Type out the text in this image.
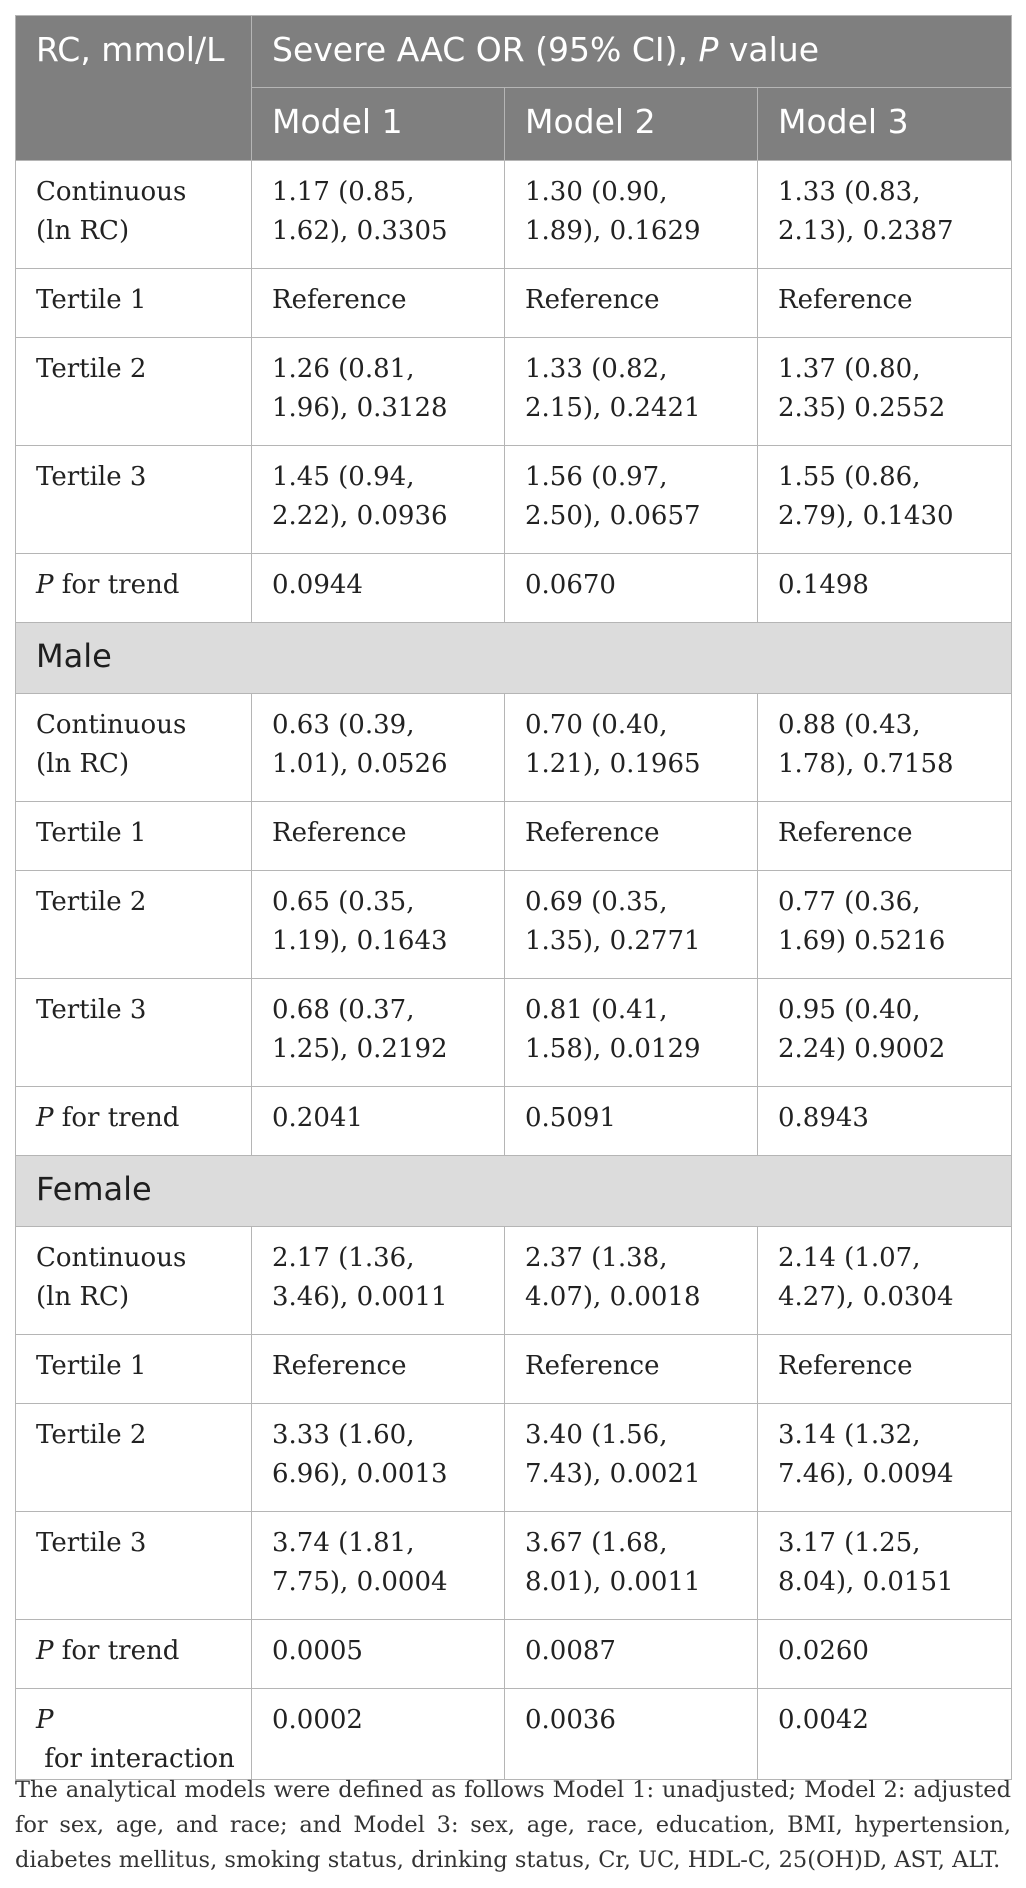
RC, mmol/L	Severe AAC OR (95% CI), P value		
	Model 1	Model 2	Model 3
Continuous (ln RC)	1.17 (0.85, 1.62), 0.3305	1.30 (0.90, 1.89), 0.1629	1.33 (0.83, 2.13), 0.2387
Tertile 1	Reference	Reference	Reference
Tertile 2	1.26 (0.81, 1.96), 0.3128	1.33 (0.82, 2.15), 0.2421	1.37 (0.80, 2.35) 0.2552
Tertile 3	1.45 (0.94, 2.22), 0.0936	1.56 (0.97, 2.50), 0.0657	1.55 (0.86, 2.79), 0.1430
P for trend	0.0944	0.0670	0.1498
Male			
Continuous (ln RC)	0.63 (0.39, 1.01), 0.0526	0.70 (0.40, 1.21), 0.1965	0.88 (0.43, 1.78), 0.7158
Tertile 1	Reference	Reference	Reference
Tertile 2	0.65 (0.35, 1.19), 0.1643	0.69 (0.35, 1.35), 0.2771	0.77 (0.36, 1.69) 0.5216
Tertile 3	0.68 (0.37, 1.25), 0.2192	0.81 (0.41, 1.58), 0.0129	0.95 (0.40, 2.24) 0.9002
P for trend	0.2041	0.5091	0.8943
Female			
Continuous (ln RC)	2.17 (1.36, 3.46), 0.0011	2.37 (1.38, 4.07), 0.0018	2.14 (1.07, 4.27), 0.0304
Tertile 1	Reference	Reference	Reference
Tertile 2	3.33 (1.60, 6.96), 0.0013	3.40 (1.56, 7.43), 0.0021	3.14 (1.32, 7.46), 0.0094
Tertile 3	3.74 (1.81, 7.75), 0.0004	3.67 (1.68, 8.01), 0.0011	3.17 (1.25, 8.04), 0.0151
P for trend	0.0005	0.0087	0.0260
P for interaction	0.0002	0.0036	0.0042
The analytical models were defined as follows Model 1: unadjusted; Model 2: adjusted for sex, age, and race; and Model 3: sex, age, race, education, BMI, hypertension, diabetes mellitus, smoking status, drinking status, Cr, UC, HDL-C, 25(OH)D, AST, ALT.
